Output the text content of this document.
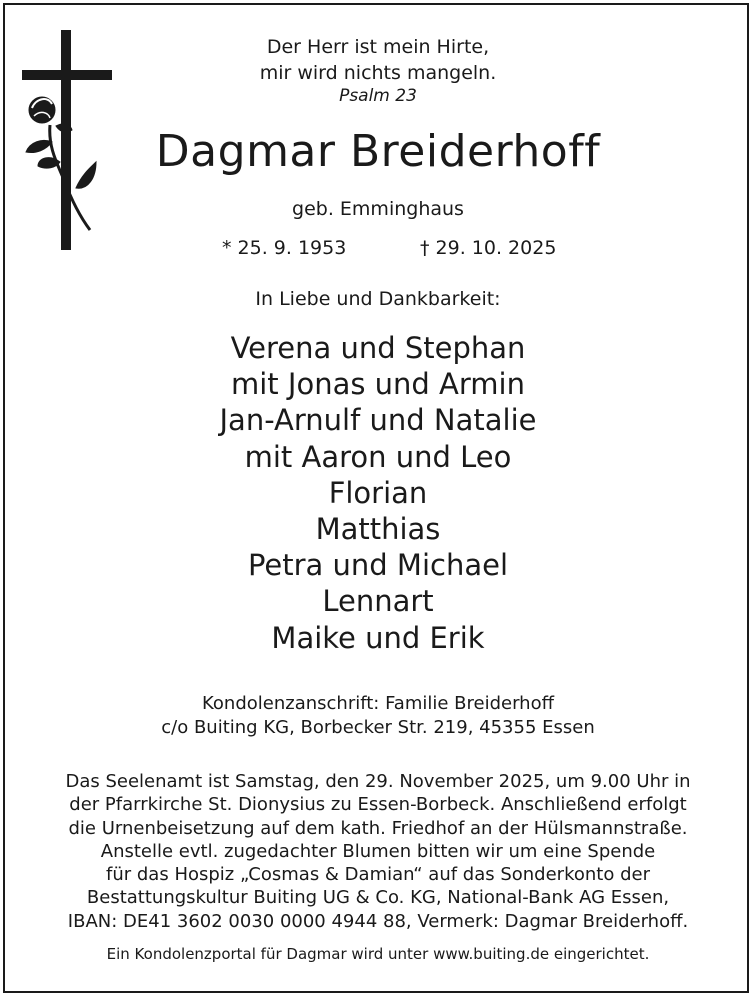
Der Herr ist mein Hirte,
mir wird nichts mangeln.
Psalm 23
Dagmar Breiderhoff
geb. Emminghaus
* 25. 9. 1953	† 29. 10. 2025
In Liebe und Dankbarkeit:
Verena und Stephan
mit Jonas und Armin
Jan-Arnulf und Natalie
mit Aaron und Leo
Florian
Matthias
Petra und Michael
Lennart
Maike und Erik
Kondolenzanschrift: Familie Breiderhoff
c/o Buiting KG, Borbecker Str. 219, 45355 Essen
Das Seelenamt ist Samstag, den 29. November 2025, um 9.00 Uhr in
der Pfarrkirche St. Dionysius zu Essen-Borbeck. Anschließend erfolgt
die Urnenbeisetzung auf dem kath. Friedhof an der Hülsmannstraße.
Anstelle evtl. zugedachter Blumen bitten wir um eine Spende
für das Hospiz „Cosmas & Damian“ auf das Sonderkonto der
Bestattungskultur Buiting UG & Co. KG, National-Bank AG Essen,
IBAN: DE41 3602 0030 0000 4944 88, Vermerk: Dagmar Breiderhoff.
Ein Kondolenzportal für Dagmar wird unter www.buiting.de eingerichtet.
